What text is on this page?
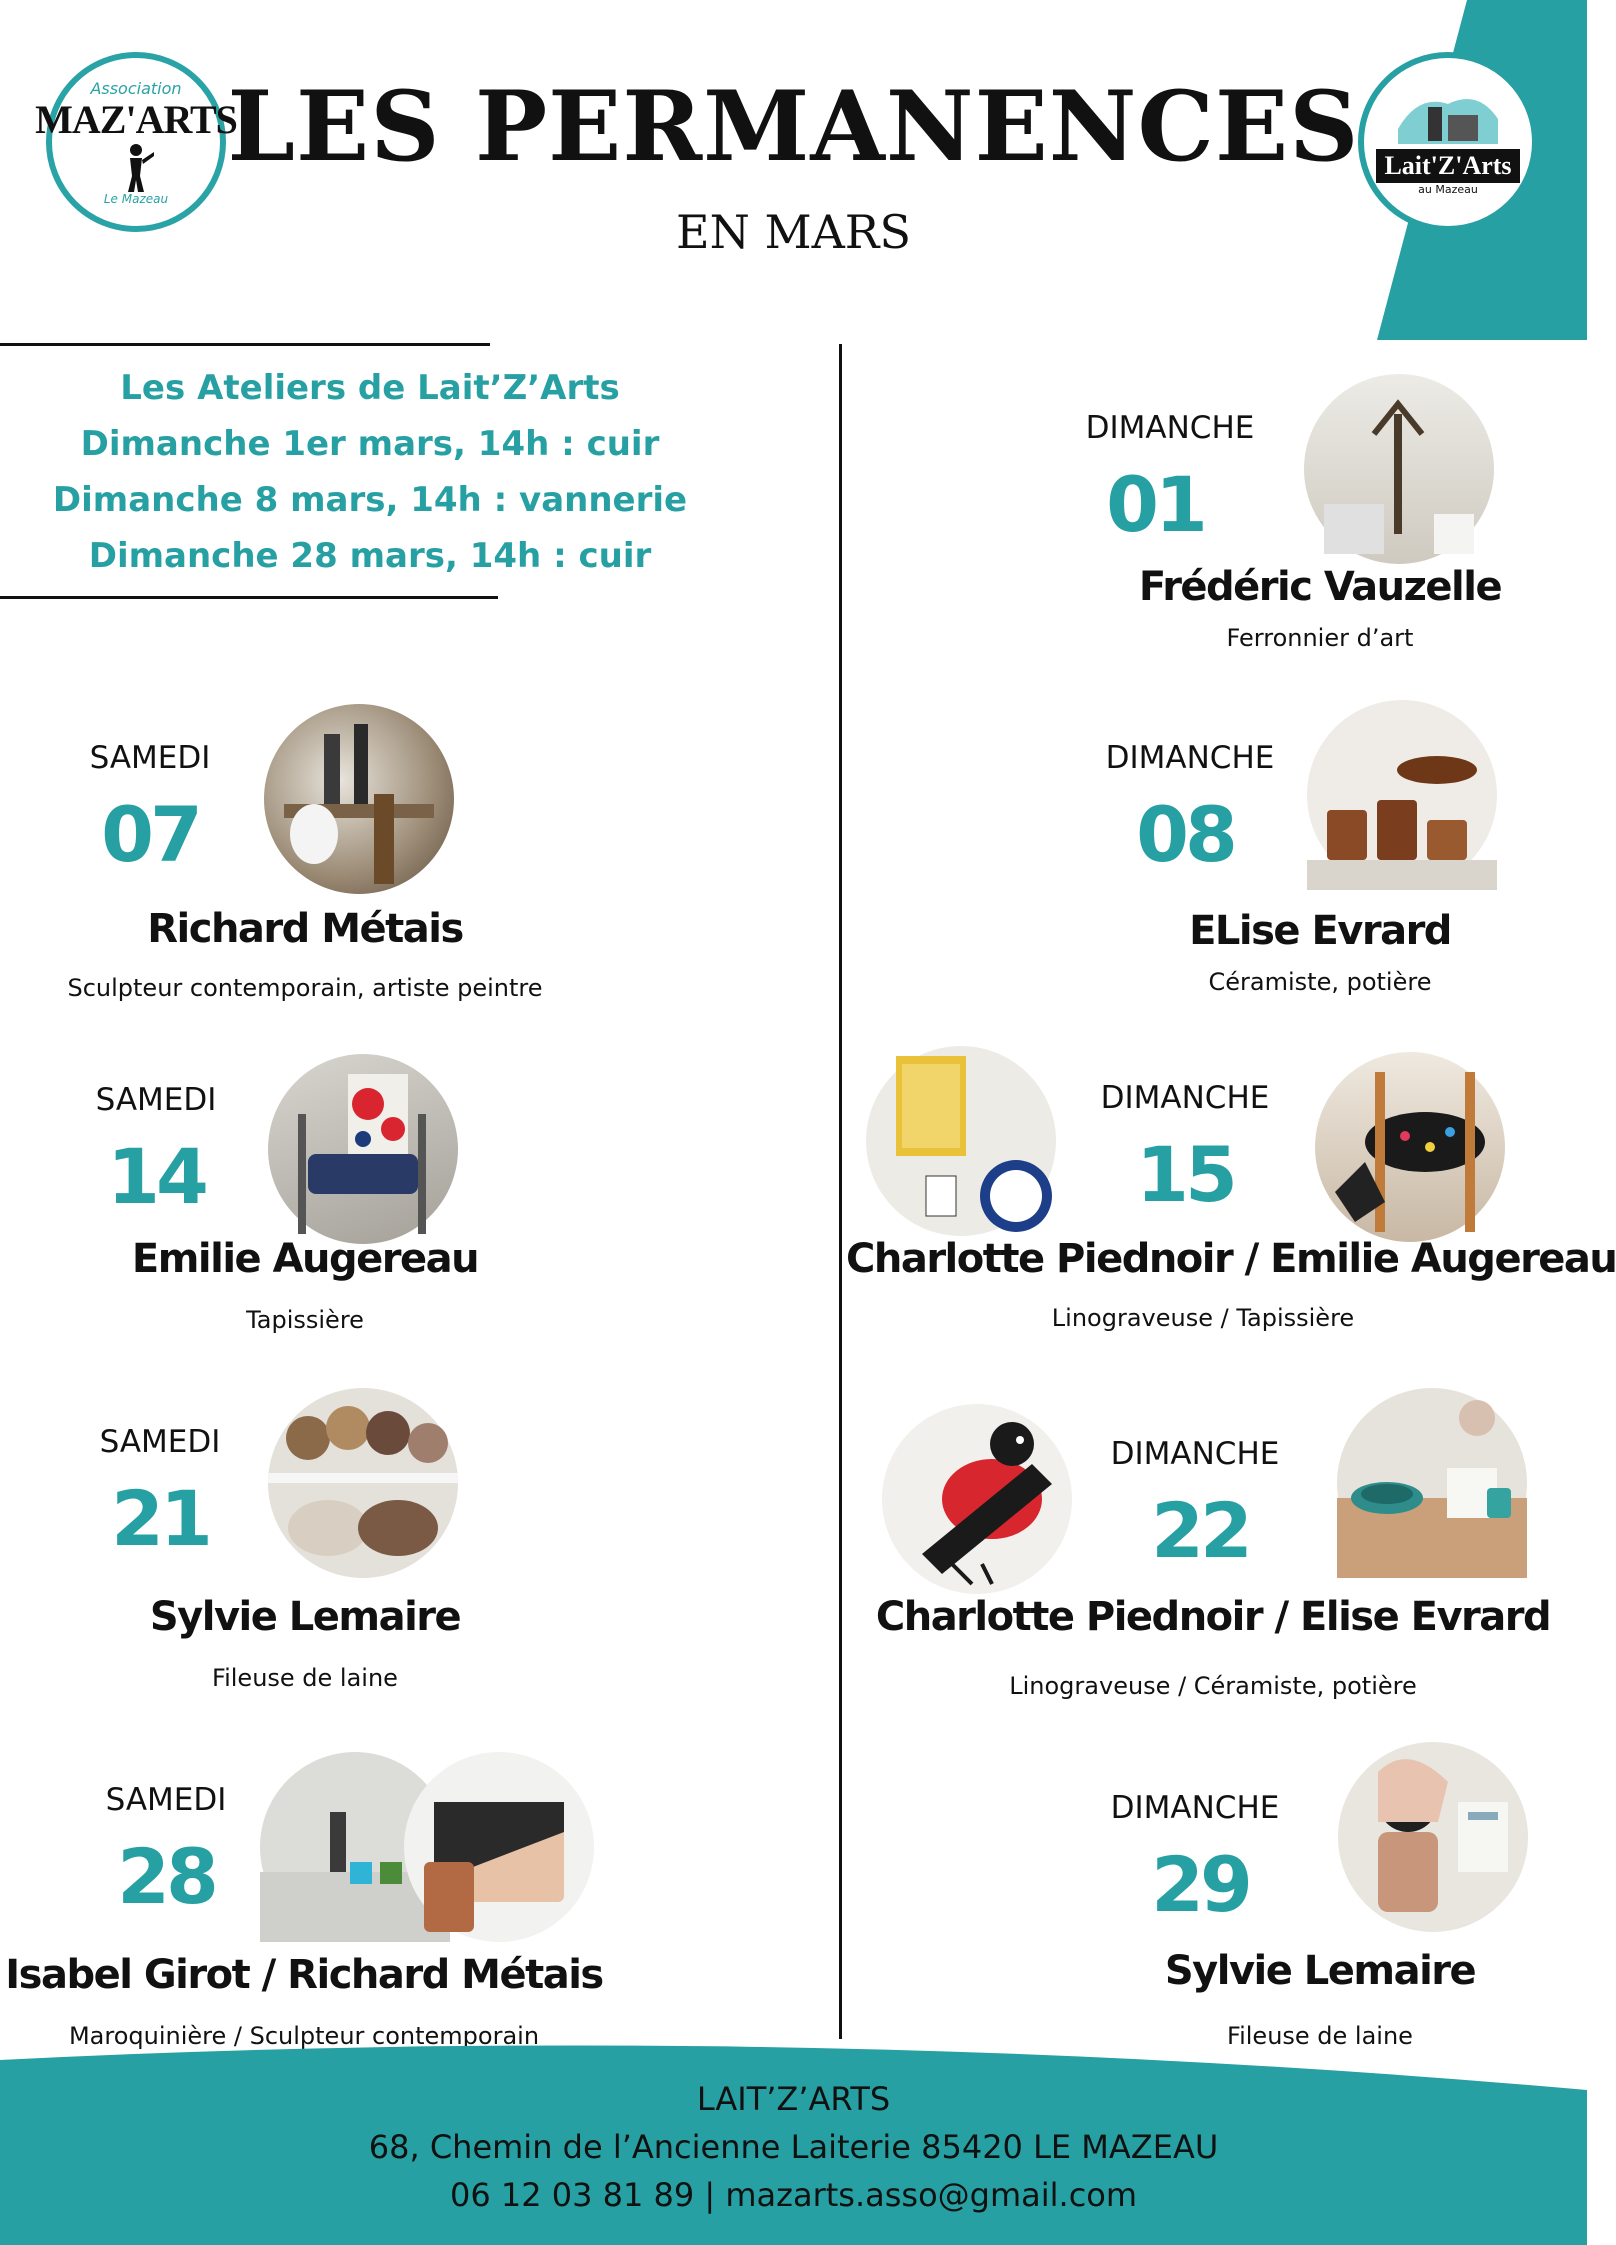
Association
MAZ'ARTS
Le Mazeau
Lait'Z'Arts
au Mazeau
LES PERMANENCES
EN MARS
Les Ateliers de Lait’Z’Arts
Dimanche 1er mars, 14h : cuir
Dimanche 8 mars, 14h : vannerie
Dimanche 28 mars, 14h : cuir
SAMEDI
07
Richard Métais
Sculpteur contemporain, artiste peintre
SAMEDI
14
Emilie Augereau
Tapissière
SAMEDI
21
Sylvie Lemaire
Fileuse de laine
SAMEDI
28
Isabel Girot / Richard Métais
Maroquinière / Sculpteur contemporain
DIMANCHE
01
Frédéric Vauzelle
Ferronnier d’art
DIMANCHE
08
ELise Evrard
Céramiste, potière
DIMANCHE
15
Charlotte Piednoir / Emilie Augereau
Linograveuse / Tapissière
DIMANCHE
22
Charlotte Piednoir / Elise Evrard
Linograveuse / Céramiste, potière
DIMANCHE
29
Sylvie Lemaire
Fileuse de laine
LAIT’Z’ARTS
68, Chemin de l’Ancienne Laiterie 85420 LE MAZEAU
06 12 03 81 89 | mazarts.asso@gmail.com
